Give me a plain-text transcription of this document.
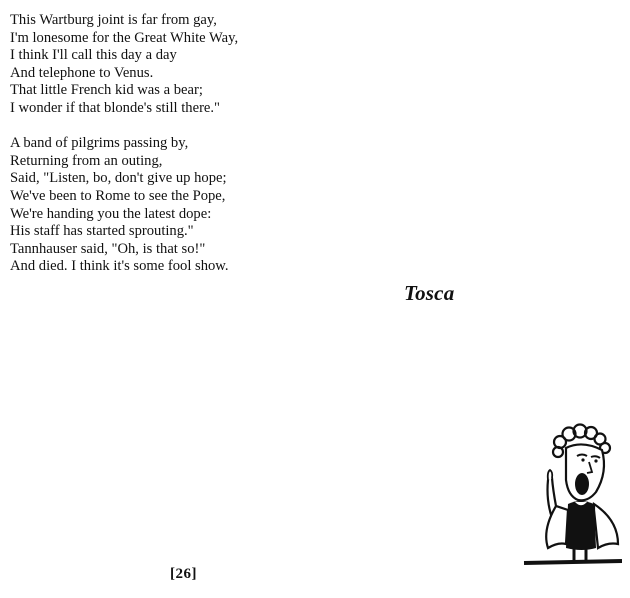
This Wartburg joint is far from gay,
I'm lonesome for the Great White Way,
I think I'll call this day a day
And telephone to Venus.
That little French kid was a bear;
I wonder if that blonde's still there."
A band of pilgrims passing by,
Returning from an outing,
Said, "Listen, bo, don't give up hope;
We've been to Rome to see the Pope,
We're handing you the latest dope:
His staff has started sprouting."
Tannhauser said, "Oh, is that so!"
And died. I think it's some fool show.
Tosca
[26]
